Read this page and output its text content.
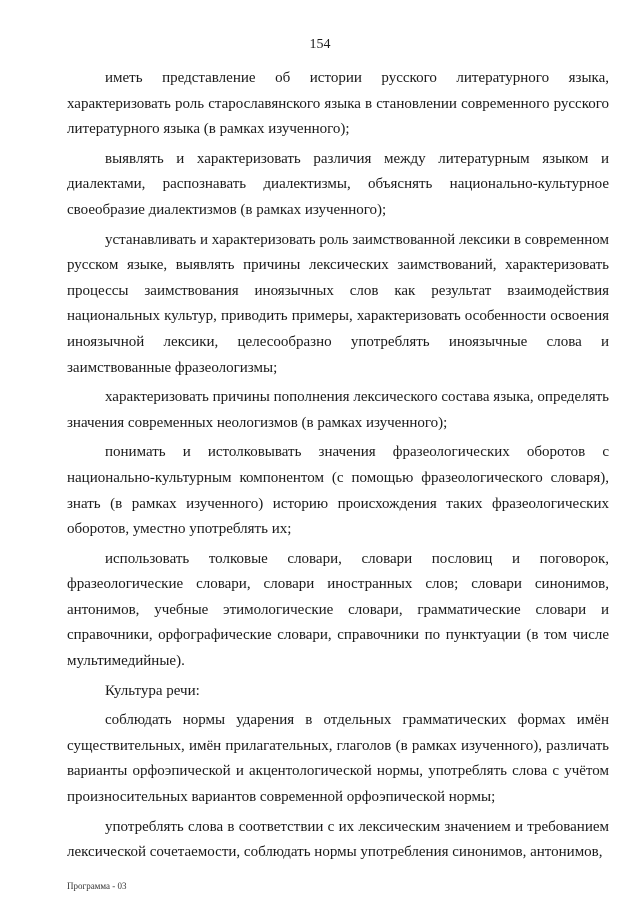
154

иметь представление об истории русского литературного языка, характеризовать роль старославянского языка в становлении современного русского литературного языка (в рамках изученного);

выявлять и характеризовать различия между литературным языком и диалектами, распознавать диалектизмы, объяснять национально-культурное своеобразие диалектизмов (в рамках изученного);

устанавливать и характеризовать роль заимствованной лексики в современном русском языке, выявлять причины лексических заимствований, характеризовать процессы заимствования иноязычных слов как результат взаимодействия национальных культур, приводить примеры, характеризовать особенности освоения иноязычной лексики, целесообразно употреблять иноязычные слова и заимствованные фразеологизмы;

характеризовать причины пополнения лексического состава языка, определять значения современных неологизмов (в рамках изученного);

понимать и истолковывать значения фразеологических оборотов с национально-культурным компонентом (с помощью фразеологического словаря), знать (в рамках изученного) историю происхождения таких фразеологических оборотов, уместно употреблять их;

использовать толковые словари, словари пословиц и поговорок, фразеологические словари, словари иностранных слов; словари синонимов, антонимов, учебные этимологические словари, грамматические словари и справочники, орфографические словари, справочники по пунктуации (в том числе мультимедийные).

Культура речи:

соблюдать нормы ударения в отдельных грамматических формах имён существительных, имён прилагательных, глаголов (в рамках изученного), различать варианты орфоэпической и акцентологической нормы, употреблять слова с учётом произносительных вариантов современной орфоэпической нормы;

употреблять слова в соответствии с их лексическим значением и требованием лексической сочетаемости, соблюдать нормы употребления синонимов, антонимов,

Программа - 03
